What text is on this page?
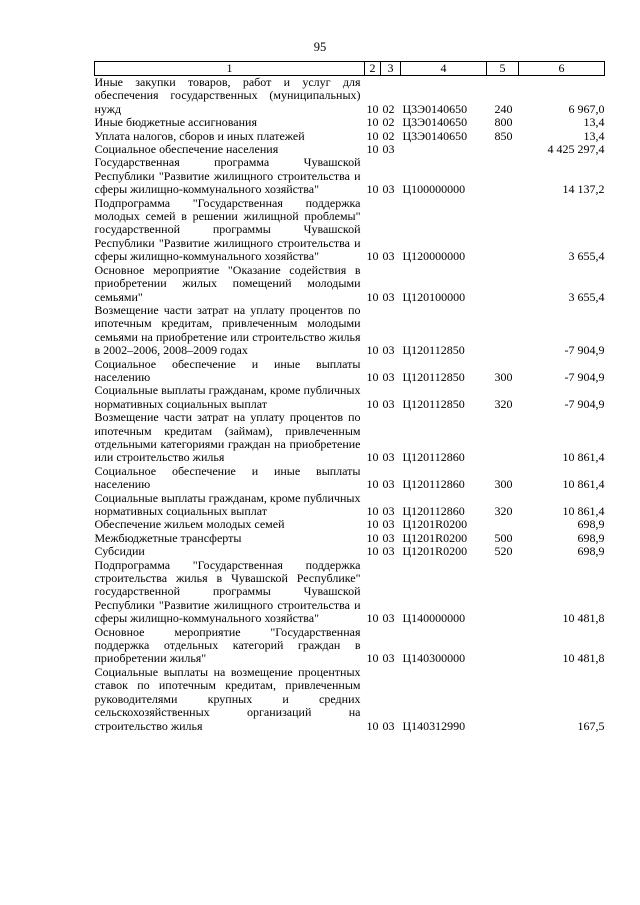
95
1	2	3	4	5	6
Иные закупки товаров, работ и услуг для обеспечения государственных (муниципальных) нужд	10	02	Ц3Э0140650	240	6 967,0
Иные бюджетные ассигнования	10	02	Ц3Э0140650	800	13,4
Уплата налогов, сборов и иных платежей	10	02	Ц3Э0140650	850	13,4
Социальное обеспечение населения	10	03			4 425 297,4
Государственная программа Чувашской Республики "Развитие жилищного строительства и сферы жилищно-коммунального хозяйства"	10	03	Ц100000000		14 137,2
Подпрограмма "Государственная поддержка молодых семей в решении жилищной проблемы" государственной программы Чувашской Республики "Развитие жилищного строительства и сферы жилищно-коммунального хозяйства"	10	03	Ц120000000		3 655,4
Основное мероприятие "Оказание содействия в приобретении жилых помещений молодыми семьями"	10	03	Ц120100000		3 655,4
Возмещение части затрат на уплату процентов по ипотечным кредитам, привлеченным молодыми семьями на приобретение или строительство жилья в 2002–2006, 2008–2009 годах	10	03	Ц120112850		-7 904,9
Социальное обеспечение и иные выплаты населению	10	03	Ц120112850	300	-7 904,9
Социальные выплаты гражданам, кроме публичных нормативных социальных выплат	10	03	Ц120112850	320	-7 904,9
Возмещение части затрат на уплату процентов по ипотечным кредитам (займам), привлеченным отдельными категориями граждан на приобретение или строительство жилья	10	03	Ц120112860		10 861,4
Социальное обеспечение и иные выплаты населению	10	03	Ц120112860	300	10 861,4
Социальные выплаты гражданам, кроме публичных нормативных социальных выплат	10	03	Ц120112860	320	10 861,4
Обеспечение жильем молодых семей	10	03	Ц1201R0200		698,9
Межбюджетные трансферты	10	03	Ц1201R0200	500	698,9
Субсидии	10	03	Ц1201R0200	520	698,9
Подпрограмма "Государственная поддержка строительства жилья в Чувашской Республике" государственной программы Чувашской Республики "Развитие жилищного строительства и сферы жилищно-коммунального хозяйства"	10	03	Ц140000000		10 481,8
Основное мероприятие "Государственная поддержка отдельных категорий граждан в приобретении жилья"	10	03	Ц140300000		10 481,8
Социальные выплаты на возмещение процентных ставок по ипотечным кредитам, привлеченным руководителями крупных и средних сельскохозяйственных организаций на строительство жилья	10	03	Ц140312990		167,5
